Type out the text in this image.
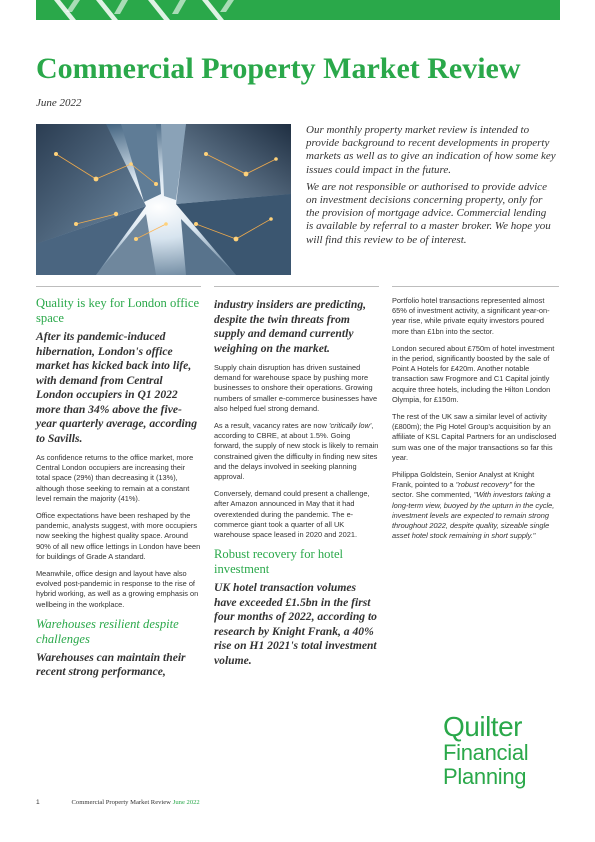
Commercial Property Market Review
June 2022

Our monthly property market review is intended to provide background to recent developments in property markets as well as to give an indication of how some key issues could impact in the future.

We are not responsible or authorised to provide advice on investment decisions concerning property, only for the provision of mortgage advice. Commercial lending is available by referral to a master broker. We hope you will find this review to be of interest.

Quality is key for London office space
After its pandemic-induced hibernation, London's office market has kicked back into life, with demand from Central London occupiers in Q1 2022 more than 34% above the five-year quarterly average, according to Savills.

As confidence returns to the office market, more Central London occupiers are increasing their total space (29%) than decreasing it (13%), although those seeking to remain at a constant level remain the majority (41%).

Office expectations have been reshaped by the pandemic, analysts suggest, with more occupiers now seeking the highest quality space. Around 90% of all new office lettings in London have been for buildings of Grade A standard.

Meanwhile, office design and layout have also evolved post-pandemic in response to the rise of hybrid working, as well as a growing emphasis on wellbeing in the workplace.

Warehouses resilient despite challenges
Warehouses can maintain their recent strong performance,
industry insiders are predicting, despite the twin threats from supply and demand currently weighing on the market.

Supply chain disruption has driven sustained demand for warehouse space by pushing more businesses to onshore their operations. Growing numbers of smaller e-commerce businesses have also helped fuel strong demand.

As a result, vacancy rates are now 'critically low', according to CBRE, at about 1.5%. Going forward, the supply of new stock is likely to remain constrained given the difficulty in finding new sites and the delays involved in seeking planning approval.

Conversely, demand could present a challenge, after Amazon announced in May that it had overextended during the pandemic. The e-commerce giant took a quarter of all UK warehouse space leased in 2020 and 2021.

Robust recovery for hotel investment
UK hotel transaction volumes have exceeded £1.5bn in the first four months of 2022, according to research by Knight Frank, a 40% rise on H1 2021's total investment volume.

Portfolio hotel transactions represented almost 65% of investment activity, a significant year-on-year rise, while private equity investors poured more than £1bn into the sector.

London secured about £750m of hotel investment in the period, significantly boosted by the sale of Point A Hotels for £420m. Another notable transaction saw Frogmore and C1 Capital jointly acquire three hotels, including the Hilton London Olympia, for £150m.

The rest of the UK saw a similar level of activity (£800m); the Pig Hotel Group's acquisition by an affiliate of KSL Capital Partners for an undisclosed sum was one of the major transactions so far this year.

Philippa Goldstein, Senior Analyst at Knight Frank, pointed to a "robust recovery" for the sector. She commented, "With investors taking a long-term view, buoyed by the upturn in the cycle, investment levels are expected to remain strong throughout 2022, despite quality, sizeable single asset hotel stock remaining in short supply."

Quilter
Financial
Planning
1	Commercial Property Market Review June 2022
